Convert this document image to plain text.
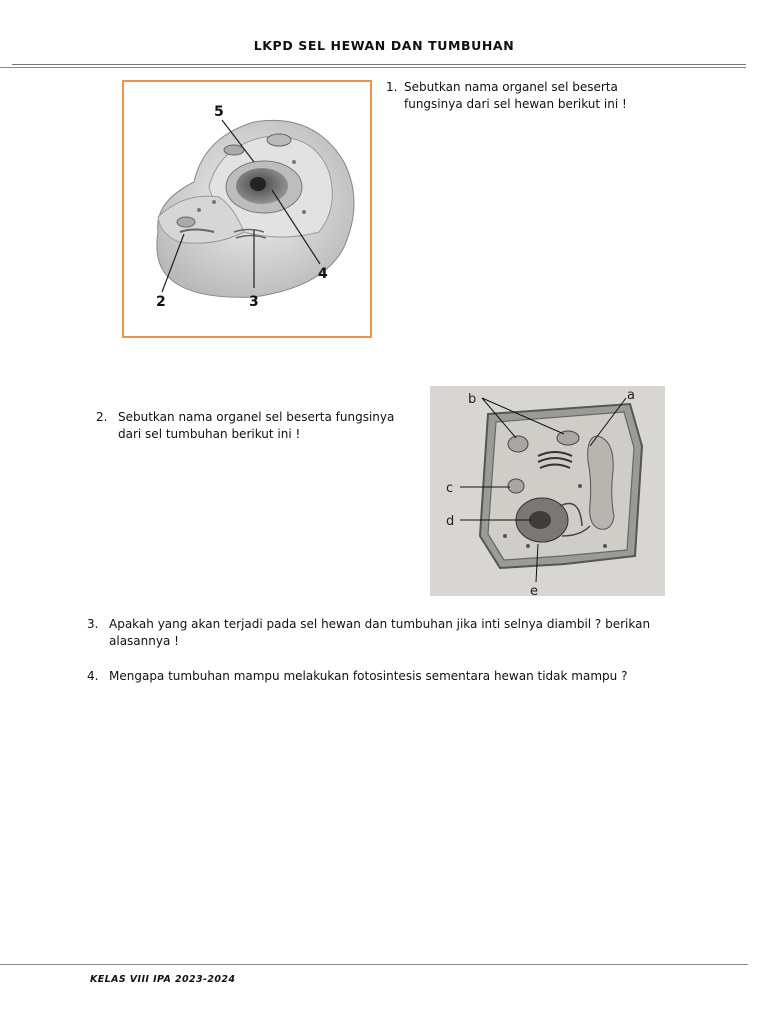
LKPD SEL HEWAN DAN TUMBUHAN
5
4
2	3
1. Sebutkan nama organel sel beserta fungsinya dari sel hewan berikut ini !
2. Sebutkan nama organel sel beserta fungsinya dari sel tumbuhan berikut ini !
b	a
c
d
e
3. Apakah yang akan terjadi pada sel hewan dan tumbuhan jika inti selnya diambil ? berikan alasannya !
4. Mengapa tumbuhan mampu melakukan fotosintesis sementara hewan tidak mampu ?
KELAS VIII IPA 2023-2024
